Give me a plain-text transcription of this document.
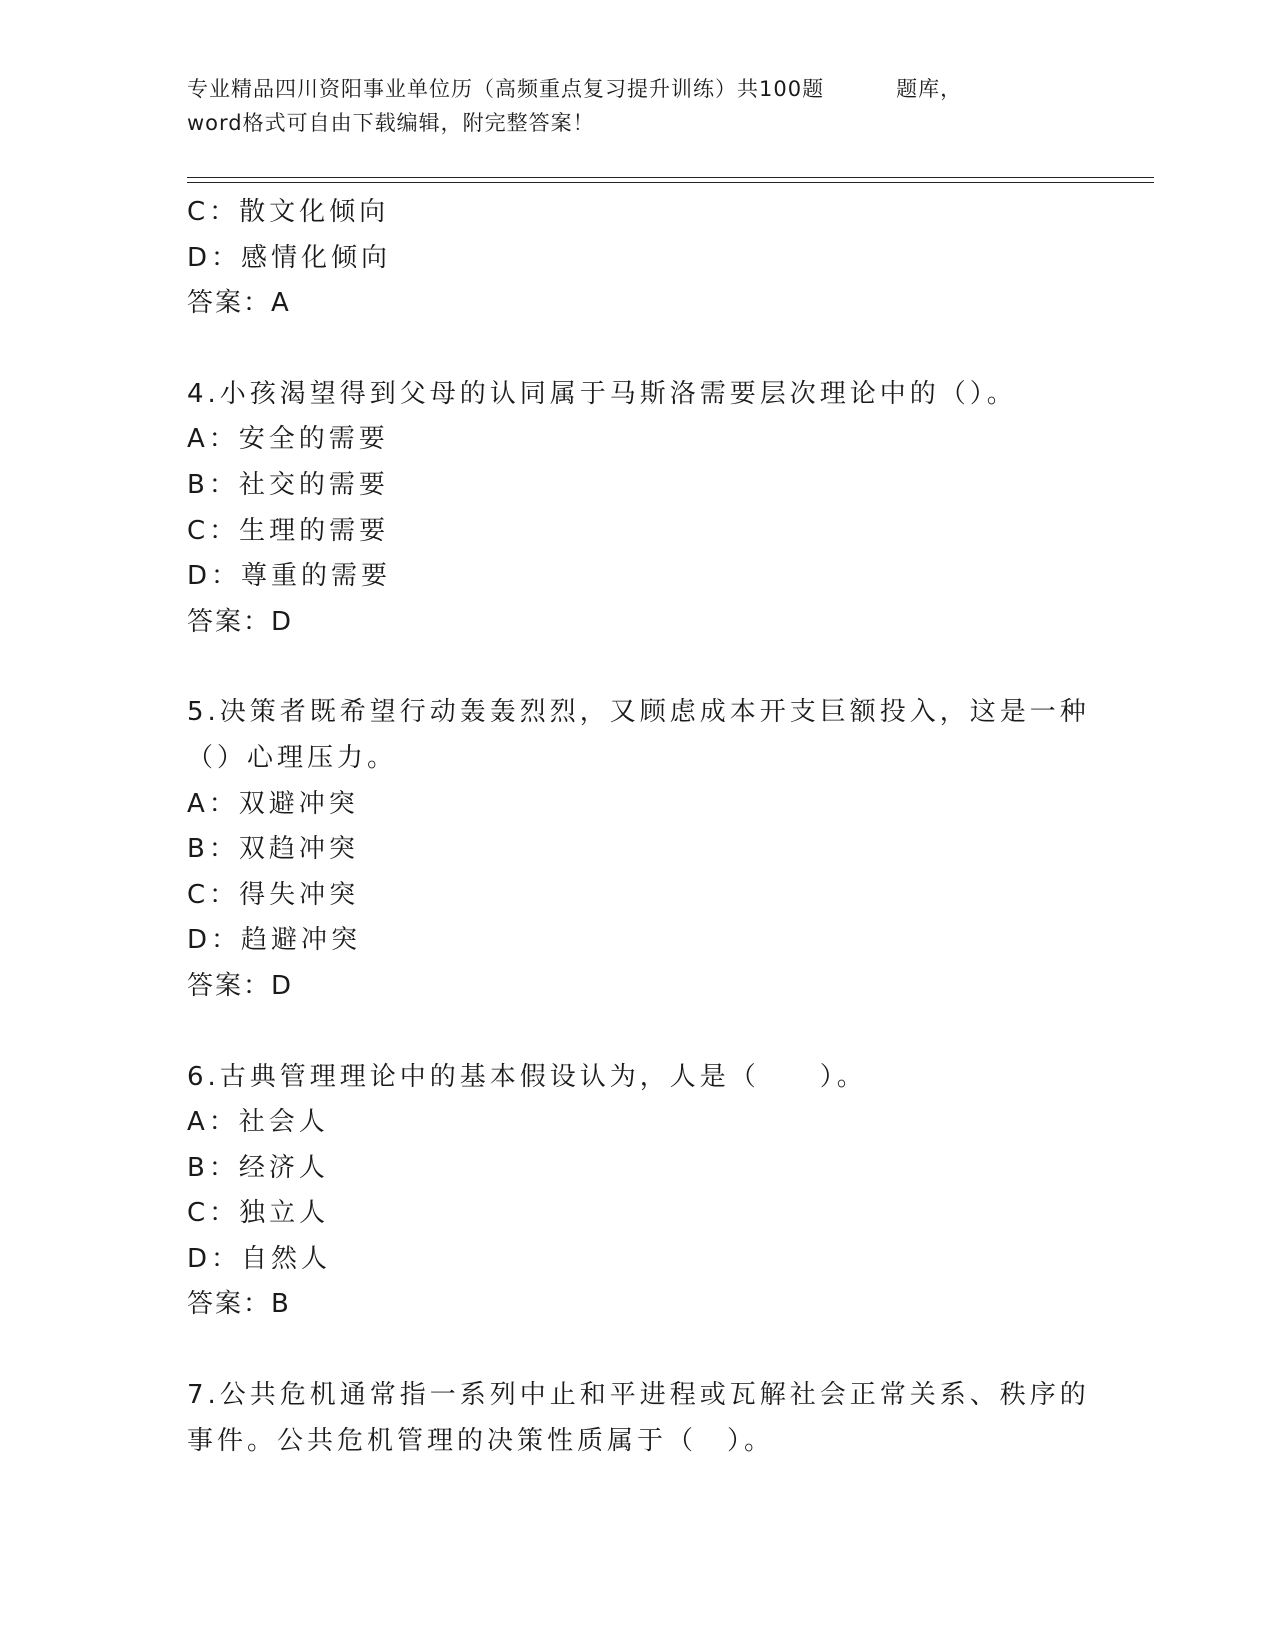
专业精品四川资阳事业单位历（高频重点复习提升训练）共100题	题库，
word格式可自由下载编辑，附完整答案！
C：散文化倾向
D：感情化倾向
答案：A
4.小孩渴望得到父母的认同属于马斯洛需要层次理论中的（）。
A：安全的需要
B：社交的需要
C：生理的需要
D：尊重的需要
答案：D
5.决策者既希望行动轰轰烈烈，又顾虑成本开支巨额投入，这是一种
（）心理压力。
A：双避冲突
B：双趋冲突
C：得失冲突
D：趋避冲突
答案：D
6.古典管理理论中的基本假设认为，人是（　　）。
A：社会人
B：经济人
C：独立人
D：自然人
答案：B
7.公共危机通常指一系列中止和平进程或瓦解社会正常关系、秩序的
事件。公共危机管理的决策性质属于（　）。
